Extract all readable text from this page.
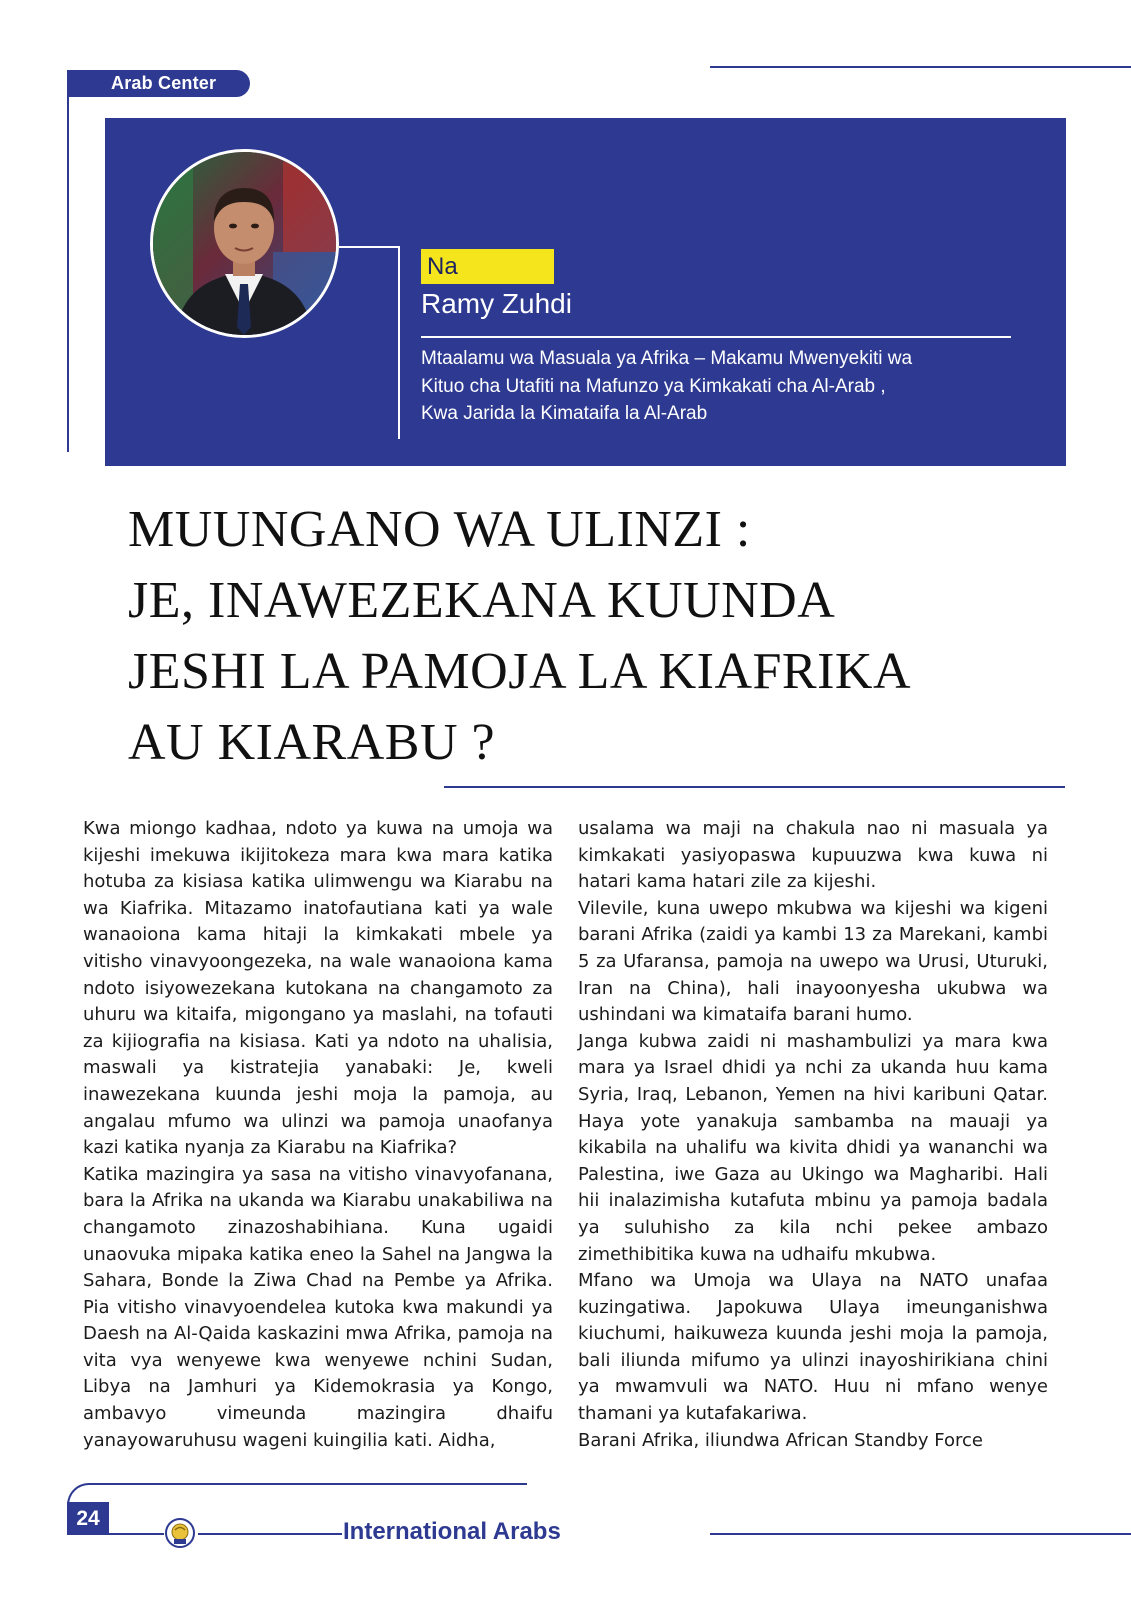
Arab Center
Na
Ramy Zuhdi
Mtaalamu wa Masuala ya Afrika – Makamu Mwenyekiti wa
Kituo cha Utafiti na Mafunzo ya Kimkakati cha Al-Arab ,
Kwa Jarida la Kimataifa la Al-Arab
MUUNGANO WA ULINZI :
JE, INAWEZEKANA KUUNDA
JESHI LA PAMOJA LA KIAFRIKA
AU KIARABU ?

Kwa miongo kadhaa, ndoto ya kuwa na umoja wa kijeshi imekuwa ikijitokeza mara kwa mara katika hotuba za kisiasa katika ulimwengu wa Kiarabu na wa Kiafrika. Mitazamo inatofautiana kati ya wale wanaoiona kama hitaji la kimkakati mbele ya vitisho vinavyoongezeka, na wale wanaoiona kama ndoto isiyowezekana kutokana na changamoto za uhuru wa kitaifa, migongano ya maslahi, na tofauti za kijiografia na kisiasa. Kati ya ndoto na uhalisia, maswali ya kistratejia yanabaki: Je, kweli inawezekana kuunda jeshi moja la pamoja, au angalau mfumo wa ulinzi wa pamoja unaofanya kazi katika nyanja za Kiarabu na Kiafrika?

Katika mazingira ya sasa na vitisho vinavyofanana, bara la Afrika na ukanda wa Kiarabu unakabiliwa na changamoto zinazoshabihiana. Kuna ugaidi unaovuka mipaka katika eneo la Sahel na Jangwa la Sahara, Bonde la Ziwa Chad na Pembe ya Afrika. Pia vitisho vinavyoendelea kutoka kwa makundi ya Daesh na Al-Qaida kaskazini mwa Afrika, pamoja na vita vya wenyewe kwa wenyewe nchini Sudan, Libya na Jamhuri ya Kidemokrasia ya Kongo, ambavyo vimeunda mazingira dhaifu yanayowaruhusu wageni kuingilia kati. Aidha,

usalama wa maji na chakula nao ni masuala ya kimkakati yasiyopaswa kupuuzwa kwa kuwa ni hatari kama hatari zile za kijeshi.

Vilevile, kuna uwepo mkubwa wa kijeshi wa kigeni barani Afrika (zaidi ya kambi 13 za Marekani, kambi 5 za Ufaransa, pamoja na uwepo wa Urusi, Uturuki, Iran na China), hali inayoonyesha ukubwa wa ushindani wa kimataifa barani humo.

Janga kubwa zaidi ni mashambulizi ya mara kwa mara ya Israel dhidi ya nchi za ukanda huu kama Syria, Iraq, Lebanon, Yemen na hivi karibuni Qatar. Haya yote yanakuja sambamba na mauaji ya kikabila na uhalifu wa kivita dhidi ya wananchi wa Palestina, iwe Gaza au Ukingo wa Magharibi. Hali hii inalazimisha kutafuta mbinu ya pamoja badala ya suluhisho za kila nchi pekee ambazo zimethibitika kuwa na udhaifu mkubwa.

Mfano wa Umoja wa Ulaya na NATO unafaa kuzingatiwa. Japokuwa Ulaya imeunganishwa kiuchumi, haikuweza kuunda jeshi moja la pamoja, bali iliunda mifumo ya ulinzi inayoshirikiana chini ya mwamvuli wa NATO. Huu ni mfano wenye thamani ya kutafakariwa.

Barani Afrika, iliundwa African Standby Force

24	International Arabs
